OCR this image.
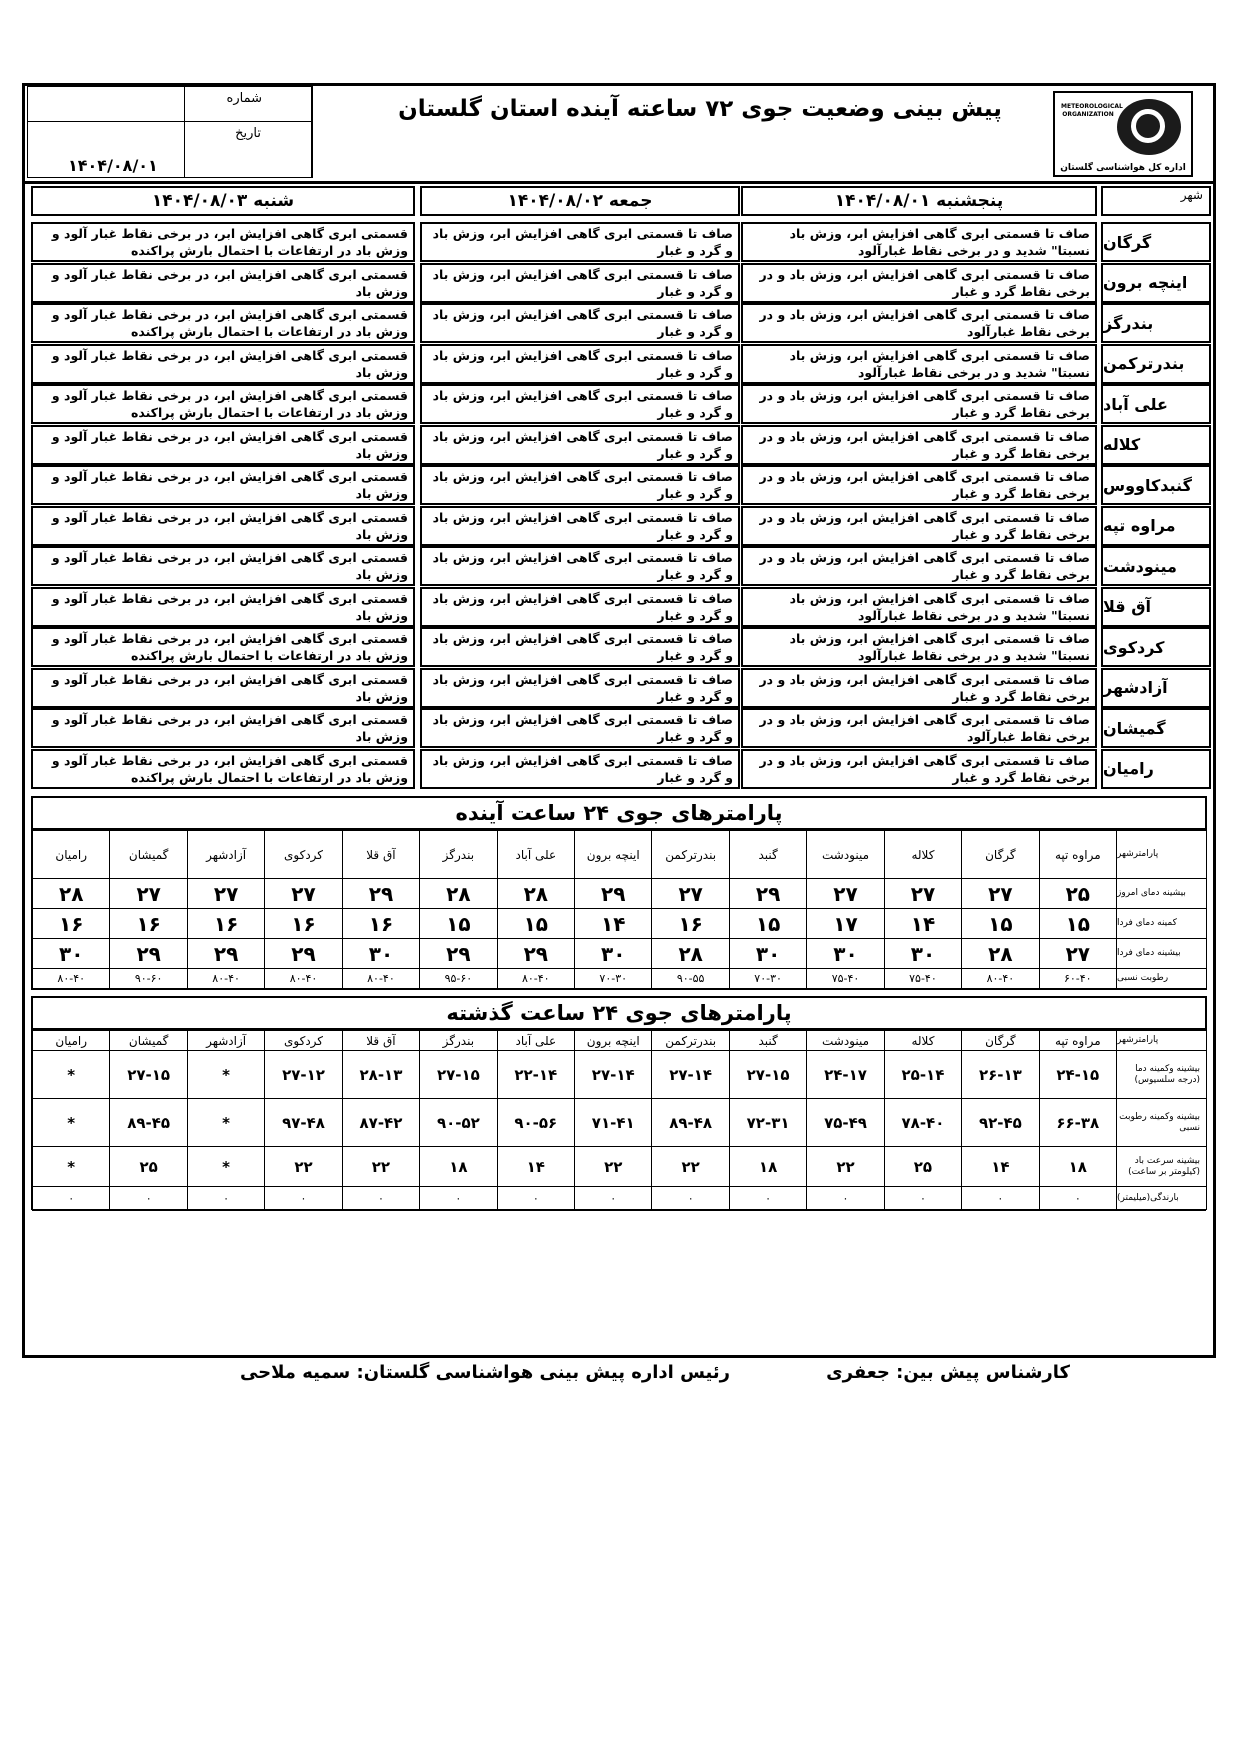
شماره
تاریخ
۱۴۰۴/۰۸/۰۱
پیش بینی وضعیت جوی ۷۲ ساعته آینده استان گلستان	METEOROLOGICAL ORGANIZATION
اداره کل هواشناسی گلستان
پنجشنبه ۱۴۰۴/۰۸/۰۱
جمعه ۱۴۰۴/۰۸/۰۲
شنبه ۱۴۰۴/۰۸/۰۳	شهر
گرگان
صاف تا قسمتی ابری گاهی افزایش ابر، وزش باد نسبتا" شدید و در برخی نقاط غبارآلود
صاف تا قسمتی ابری گاهی افزایش ابر، وزش باد و گرد و غبار
قسمتی ابری گاهی افزایش ابر، در برخی نقاط غبار آلود و وزش باد در ارتفاعات با احتمال بارش پراکنده
اینچه برون
صاف تا قسمتی ابری گاهی افزایش ابر، وزش باد و در برخی نقاط گرد و غبار
صاف تا قسمتی ابری گاهی افزایش ابر، وزش باد و گرد و غبار
قسمتی ابری گاهی افزایش ابر، در برخی نقاط غبار آلود و وزش باد
بندرگز
صاف تا قسمتی ابری گاهی افزایش ابر، وزش باد و در برخی نقاط غبارآلود
صاف تا قسمتی ابری گاهی افزایش ابر، وزش باد و گرد و غبار
قسمتی ابری گاهی افزایش ابر، در برخی نقاط غبار آلود و وزش باد در ارتفاعات با احتمال بارش پراکنده
بندرترکمن
صاف تا قسمتی ابری گاهی افزایش ابر، وزش باد نسبتا" شدید و در برخی نقاط غبارآلود
صاف تا قسمتی ابری گاهی افزایش ابر، وزش باد و گرد و غبار
قسمتی ابری گاهی افزایش ابر، در برخی نقاط غبار آلود و وزش باد
علی آباد
صاف تا قسمتی ابری گاهی افزایش ابر، وزش باد و در برخی نقاط گرد و غبار
صاف تا قسمتی ابری گاهی افزایش ابر، وزش باد و گرد و غبار
قسمتی ابری گاهی افزایش ابر، در برخی نقاط غبار آلود و وزش باد در ارتفاعات با احتمال بارش پراکنده
کلاله
صاف تا قسمتی ابری گاهی افزایش ابر، وزش باد و در برخی نقاط گرد و غبار
صاف تا قسمتی ابری گاهی افزایش ابر، وزش باد و گرد و غبار
قسمتی ابری گاهی افزایش ابر، در برخی نقاط غبار آلود و وزش باد
گنبدکاووس
صاف تا قسمتی ابری گاهی افزایش ابر، وزش باد و در برخی نقاط گرد و غبار
صاف تا قسمتی ابری گاهی افزایش ابر، وزش باد و گرد و غبار
قسمتی ابری گاهی افزایش ابر، در برخی نقاط غبار آلود و وزش باد
مراوه تپه
صاف تا قسمتی ابری گاهی افزایش ابر، وزش باد و در برخی نقاط گرد و غبار
صاف تا قسمتی ابری گاهی افزایش ابر، وزش باد و گرد و غبار
قسمتی ابری گاهی افزایش ابر، در برخی نقاط غبار آلود و وزش باد
مینودشت
صاف تا قسمتی ابری گاهی افزایش ابر، وزش باد و در برخی نقاط گرد و غبار
صاف تا قسمتی ابری گاهی افزایش ابر، وزش باد و گرد و غبار
قسمتی ابری گاهی افزایش ابر، در برخی نقاط غبار آلود و وزش باد
آق قلا
صاف تا قسمتی ابری گاهی افزایش ابر، وزش باد نسبتا" شدید و در برخی نقاط غبارآلود
صاف تا قسمتی ابری گاهی افزایش ابر، وزش باد و گرد و غبار
قسمتی ابری گاهی افزایش ابر، در برخی نقاط غبار آلود و وزش باد
کردکوی
صاف تا قسمتی ابری گاهی افزایش ابر، وزش باد نسبتا" شدید و در برخی نقاط غبارآلود
صاف تا قسمتی ابری گاهی افزایش ابر، وزش باد و گرد و غبار
قسمتی ابری گاهی افزایش ابر، در برخی نقاط غبار آلود و وزش باد در ارتفاعات با احتمال بارش پراکنده
آزادشهر
صاف تا قسمتی ابری گاهی افزایش ابر، وزش باد و در برخی نقاط گرد و غبار
صاف تا قسمتی ابری گاهی افزایش ابر، وزش باد و گرد و غبار
قسمتی ابری گاهی افزایش ابر، در برخی نقاط غبار آلود و وزش باد
گمیشان
صاف تا قسمتی ابری گاهی افزایش ابر، وزش باد و در برخی نقاط غبارآلود
صاف تا قسمتی ابری گاهی افزایش ابر، وزش باد و گرد و غبار
قسمتی ابری گاهی افزایش ابر، در برخی نقاط غبار آلود و وزش باد
رامیان
صاف تا قسمتی ابری گاهی افزایش ابر، وزش باد و در برخی نقاط گرد و غبار
صاف تا قسمتی ابری گاهی افزایش ابر، وزش باد و گرد و غبار
قسمتی ابری گاهی افزایش ابر، در برخی نقاط غبار آلود و وزش باد در ارتفاعات با احتمال بارش پراکنده
پارامترهای جوی ۲۴ ساعت آینده
پارامترشهر
مراوه تپه
گرگان
کلاله
مینودشت
گنبد
بندرترکمن
اینچه برون
علی آباد
بندرگز
آق قلا
کردکوی
آزادشهر
گمیشان
رامیان
بیشینه دمای امروز
۲۵
۲۷
۲۷
۲۷
۲۹
۲۷
۲۹
۲۸
۲۸
۲۹
۲۷
۲۷
۲۷
۲۸
کمینه دمای فردا
۱۵
۱۵
۱۴
۱۷
۱۵
۱۶
۱۴
۱۵
۱۵
۱۶
۱۶
۱۶
۱۶
۱۶
بیشینه دمای فردا
۲۷
۲۸
۳۰
۳۰
۳۰
۲۸
۳۰
۲۹
۲۹
۳۰
۲۹
۲۹
۲۹
۳۰
رطوبت نسبی
۶۰-۴۰
۸۰-۴۰
۷۵-۴۰
۷۵-۴۰
۷۰-۳۰
۹۰-۵۵
۷۰-۳۰
۸۰-۴۰
۹۵-۶۰
۸۰-۴۰
۸۰-۴۰
۸۰-۴۰
۹۰-۶۰
۸۰-۴۰
پارامترهای جوی ۲۴ ساعت گذشته
پارامترشهر
مراوه تپه
گرگان
کلاله
مینودشت
گنبد
بندرترکمن
اینچه برون
علی آباد
بندرگز
آق قلا
کردکوی
آزادشهر
گمیشان
رامیان
بیشینه وکمینه دما (درجه سلسیوس)
۲۴-۱۵
۲۶-۱۳
۲۵-۱۴
۲۴-۱۷
۲۷-۱۵
۲۷-۱۴
۲۷-۱۴
۲۲-۱۴
۲۷-۱۵
۲۸-۱۳
۲۷-۱۲
*
۲۷-۱۵
*
بیشینه وکمینه رطوبت نسبی
۶۶-۳۸
۹۲-۴۵
۷۸-۴۰
۷۵-۴۹
۷۲-۳۱
۸۹-۴۸
۷۱-۴۱
۹۰-۵۶
۹۰-۵۲
۸۷-۴۲
۹۷-۴۸
*
۸۹-۴۵
*
بیشینه سرعت باد (کیلومتر بر ساعت)
۱۸
۱۴
۲۵
۲۲
۱۸
۲۲
۲۲
۱۴
۱۸
۲۲
۲۲
*
۲۵
*
بارندگی(میلیمتر)
۰
۰
۰
۰
۰
۰
۰
۰
۰
۰
۰
۰
۰
۰
کارشناس پیش بین: جعفری
رئیس اداره پیش بینی هواشناسی گلستان: سمیه ملاحی
